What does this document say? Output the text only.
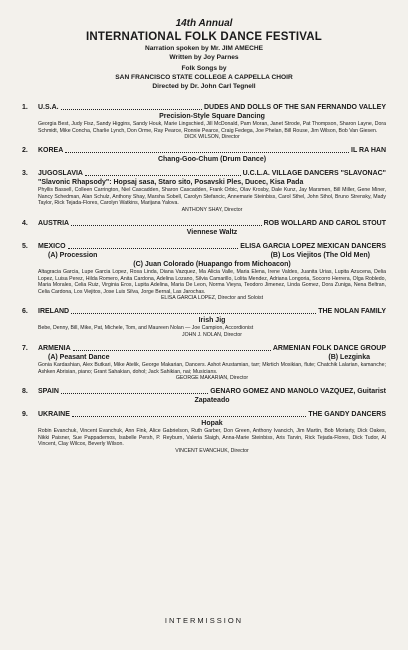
14th Annual
INTERNATIONAL FOLK DANCE FESTIVAL
Narration spoken by Mr. JIM AMECHE
Written by Joy Parnes
Folk Songs by
SAN FRANCISCO STATE COLLEGE A CAPPELLA CHOIR
Directed by Dr. John Carl Tegnell
1.	U.S.A.	DUDES AND DOLLS OF THE SAN FERNANDO VALLEY
Precision-Style Square Dancing
Georgia Best, Judy Fisz, Sandy Higgins, Sandy Houk, Marie Lingschied, Jill McDonald, Pam Moran, Janet Strode, Pat Thompson, Sharon Layne, Dora Schmidt, Mike Concha, Charlie Lynch, Don Orme, Ray Pearce, Ronnie Pearce, Craig Fedega, Joe Phelan, Bill Rouse, Jim Wilson, Bob Van Giesen.
DICK WILSON, Director
2.	KOREA	IL RA HAN
Chang-Goo-Chum (Drum Dance)
3.	JUGOSLAVIA	U.C.L.A. VILLAGE DANCERS "SLAVONAC"
"Slavonic Rhapsody": Hopsaj sasa, Staro sito, Posavski Ples, Ducec, Kisa Pada
Phyllis Bassell, Colleen Carrington, Niel Cascadden, Sharon Cascadden, Frank Orbic, Olav Krosby, Dale Kunz, Jay Marsmen, Bill Miller, Gene Miner, Nancy Schedman, Alan Schulz, Anthony Shay, Marsha Sobell, Carolyn Stefancic, Annemarie Steinbiss, Carol Sthel, John Sthol, Bruno Strensky, Mady Taylor, Rick Tejada-Flores, Carolyn Watkins, Marijana Yalova.
ANTHONY SHAY, Director
4.	AUSTRIA	ROB WOLLARD AND CAROL STOUT
Viennese Waltz
5.	MEXICO	ELISA GARCIA LOPEZ MEXICAN DANCERS
(A) Procession	(B) Los Viejitos (The Old Men)
(C) Juan Colorado (Huapango from Michoacon)
Altagracia Garcia, Lupe Garcia Lopez, Rosa Linda, Diana Vazquez, Ma Alicia Valle, Maria Elena, Irene Valdes, Juanita Urias, Lupita Azucena, Delia Lopez, Luisa Perez, Hilda Romero, Anita Cardona, Adelina Lozano, Silvia Camarillo, Lolita Mendez, Adriana Longoria, Socorro Herrera, Olga Robledo, Maria Morales, Celia Ruiz, Virginia Eros, Lupita Adelina, Maria De Leon, Norma Vieyra, Teodoro Jimenez, Linda Gomez, Dora Zuniga, Nena Beltran, Celia Cardona, Los Viejitos, Jose Luis Silva, Jorge Bernal, Las Jarochas.
ELISA GARCIA LOPEZ, Director and Soloist
6.	IRELAND	THE NOLAN FAMILY
Irish Jig
Bebe, Denny, Bill, Mike, Pat, Michele, Tom, and Maureen Nolan — Joe Campion, Accordionist
JOHN J. NOLAN, Director
7.	ARMENIA	ARMENIAN FOLK DANCE GROUP
(A) Peasant Dance	(B) Lezginka
Gonia Kardashian, Alex Butkari, Mike Atelik, George Makarian, Dancers. Ashot Arustamian, tarr; Mkrtich Mosikian, flute; Chatchik Lalarian, kamanche; Ashken Abrisian, piano; Grant Sahakian, dohol; Jack Sahikian, nai; Musicians.
GEORGE MAKARIAN, Director
8.	SPAIN	GENARO GOMEZ AND MANOLO VAZQUEZ, Guitarist
Zapateado
9.	UKRAINE	THE GANDY DANCERS
Hopak
Robin Evanchuk, Vincent Evanchuk, Ann Fink, Alice Gabrielson, Ruth Garber, Don Green, Anthony Ivancich, Jim Martin, Bob Moriarty, Dick Oakes, Nikki Paisner, Sue Pappademos, Isabelle Persh, P. Reyburn, Valeria Slaigh, Anna-Marie Steinbiss, Aris Tarvin, Rick Tejada-Flores, Dick Tudor, Al Vincent, Clay Wilcox, Beverly Wilson.
VINCENT EVANCHUK, Director
INTERMISSION
